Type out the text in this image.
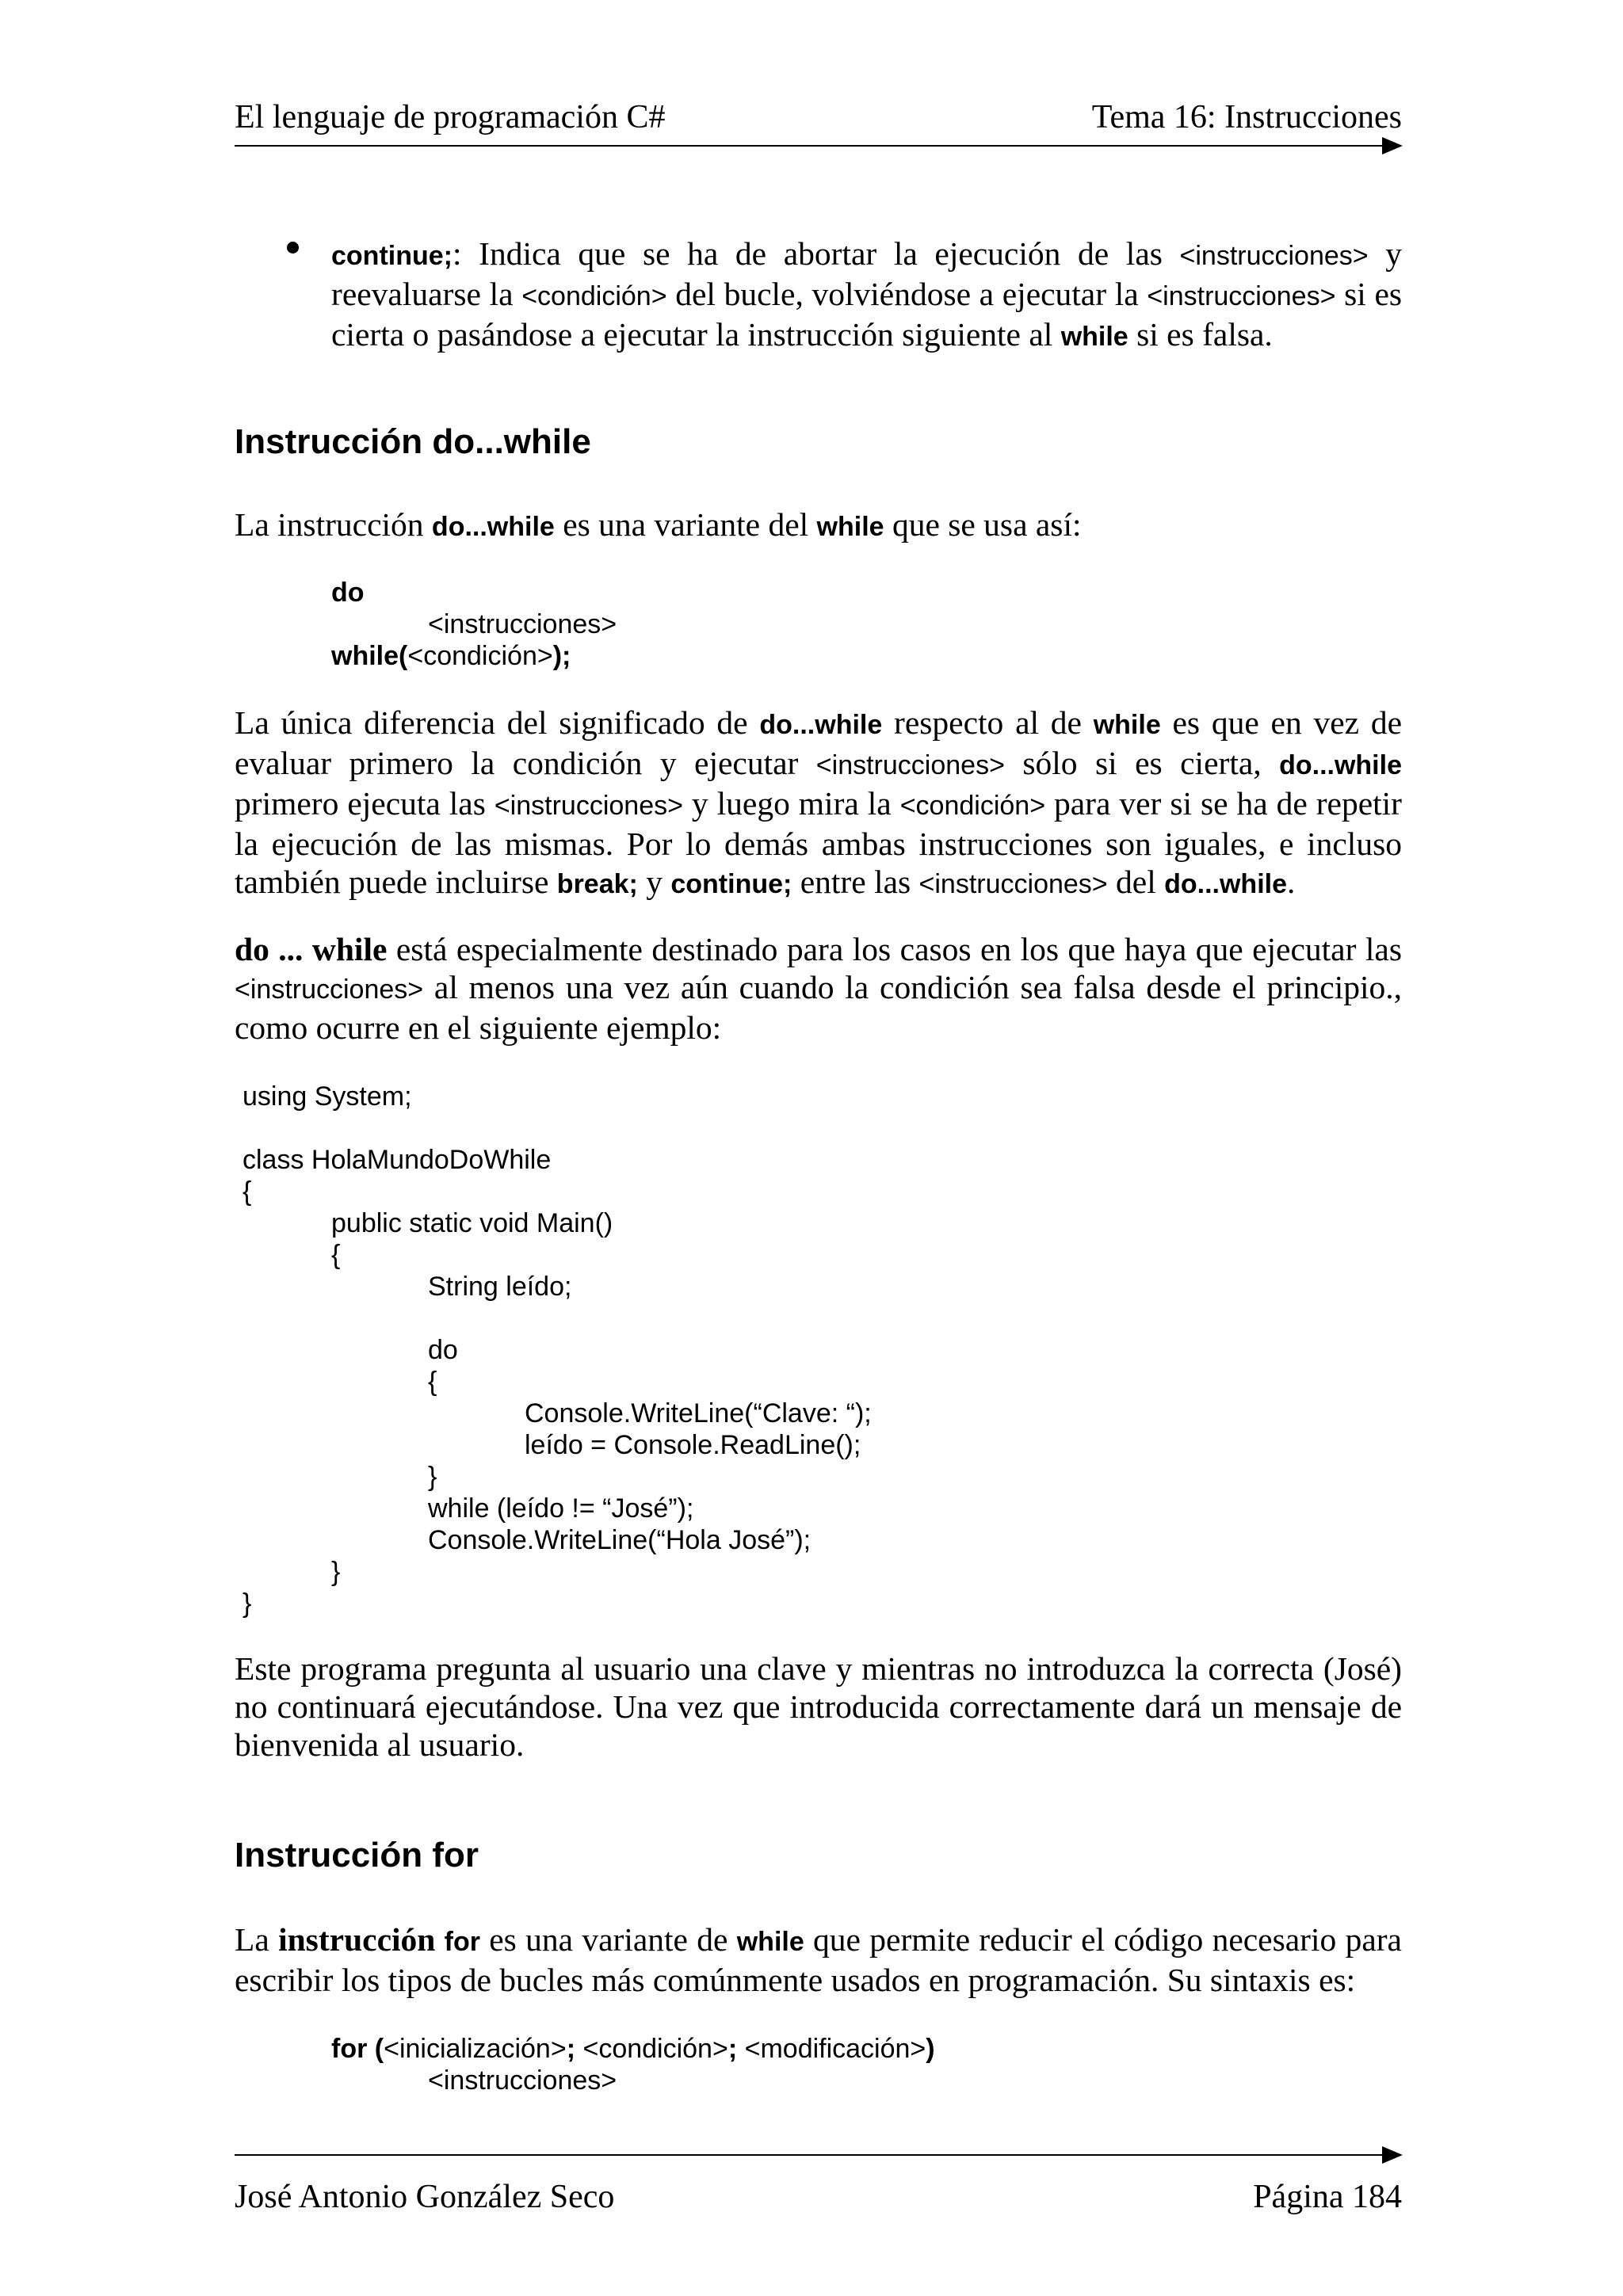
El lenguaje de programación C#	Tema 16: Instrucciones
continue;: Indica que se ha de abortar la ejecución de las <instrucciones> y reevaluarse la <condición> del bucle, volviéndose a ejecutar la <instrucciones> si es cierta o pasándose a ejecutar la instrucción siguiente al while si es falsa.
Instrucción do...while
La instrucción do...while es una variante del while que se usa así:
do
<instrucciones>
while(<condición>);
La única diferencia del significado de do...while respecto al de while es que en vez de evaluar primero la condición y ejecutar <instrucciones> sólo si es cierta, do...while primero ejecuta las <instrucciones> y luego mira la <condición> para ver si se ha de repetir la ejecución de las mismas. Por lo demás ambas instrucciones son iguales, e incluso también puede incluirse break; y continue; entre las <instrucciones> del do...while.
do ... while está especialmente destinado para los casos en los que haya que ejecutar las <instrucciones> al menos una vez aún cuando la condición sea falsa desde el principio., como ocurre en el siguiente ejemplo:
using System;
class HolaMundoDoWhile
{
public static void Main()
{
String leído;
do
{
Console.WriteLine(“Clave: “);
leído = Console.ReadLine();
}
while (leído != “José”);
Console.WriteLine(“Hola José”);
}
}
Este programa pregunta al usuario una clave y mientras no introduzca la correcta (José) no continuará ejecutándose. Una vez que introducida correctamente dará un mensaje de bienvenida al usuario.
Instrucción for
La instrucción for es una variante de while que permite reducir el código necesario para escribir los tipos de bucles más comúnmente usados en programación. Su sintaxis es:
for (<inicialización>; <condición>; <modificación>)
<instrucciones>
José Antonio González Seco	Página 184
